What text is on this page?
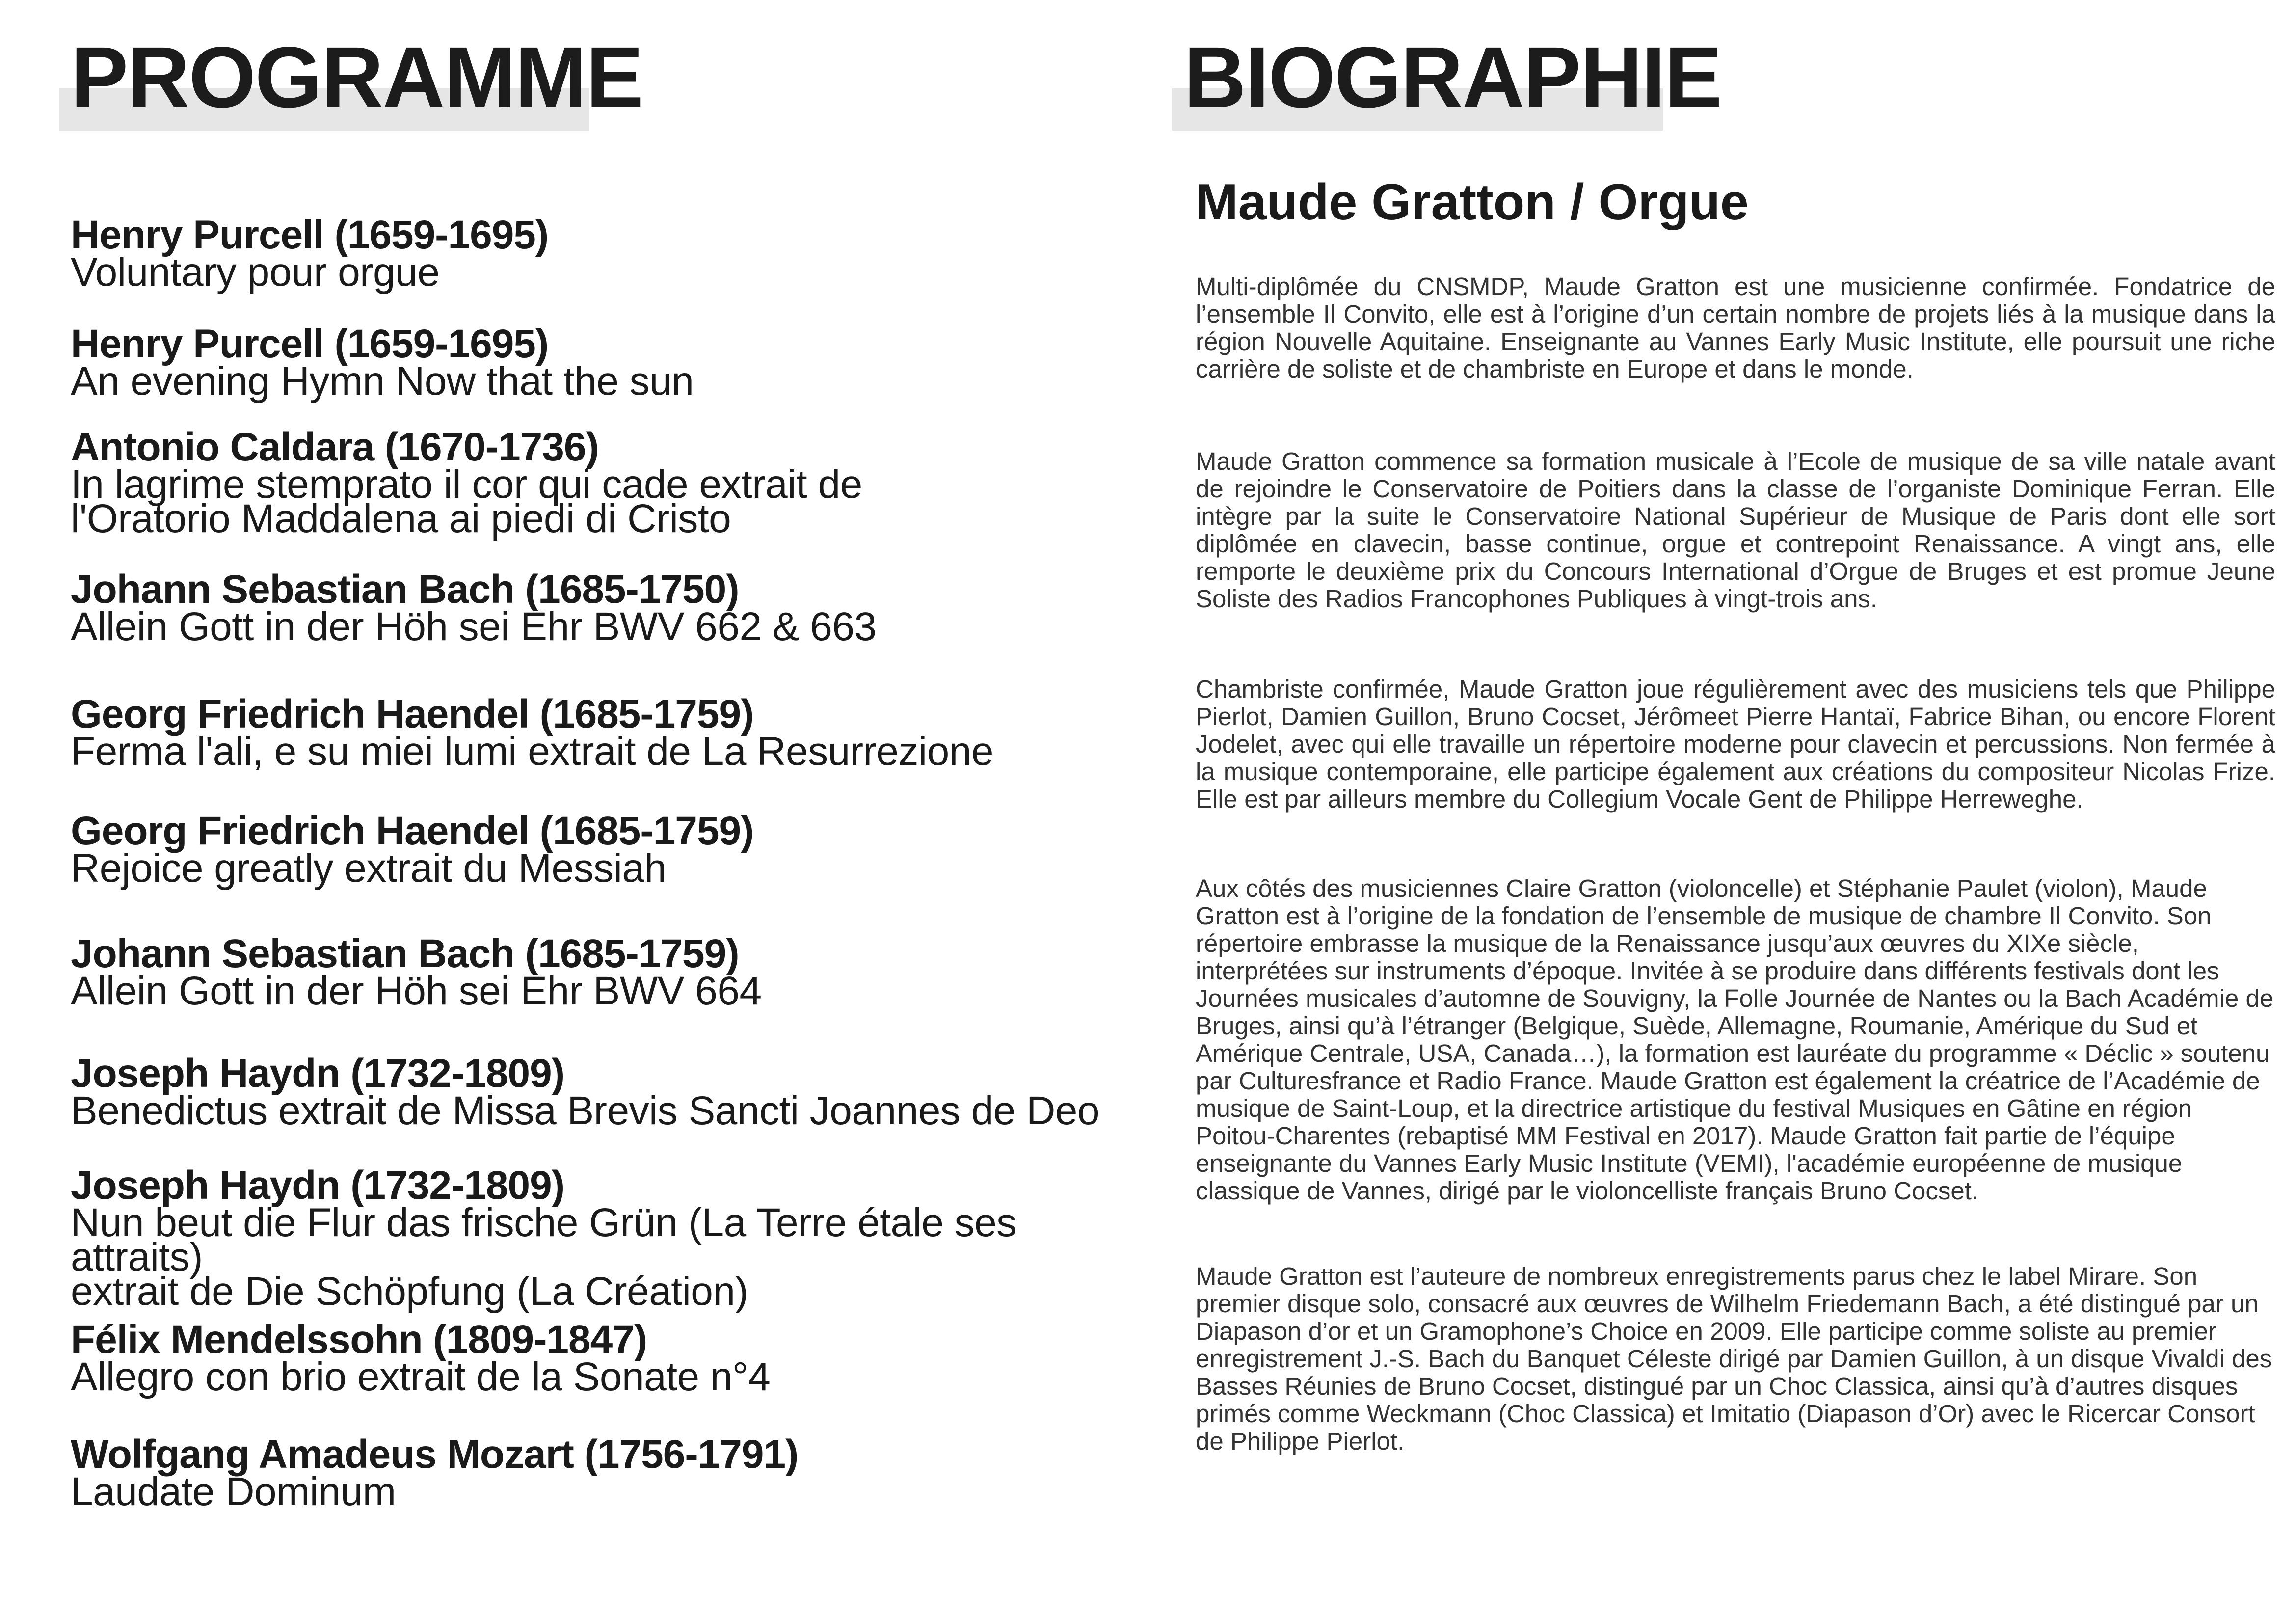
PROGRAMME
Henry Purcell (1659-1695)
Voluntary pour orgue
Henry Purcell (1659-1695)
An evening Hymn Now that the sun
Antonio Caldara (1670-1736)
In lagrime stemprato il cor qui cade extrait de
l'Oratorio Maddalena ai piedi di Cristo
Johann Sebastian Bach (1685-1750)
Allein Gott in der Höh sei Ehr BWV 662 & 663
Georg Friedrich Haendel (1685-1759)
Ferma l'ali, e su miei lumi extrait de La Resurrezione
Georg Friedrich Haendel (1685-1759)
Rejoice greatly extrait du Messiah
Johann Sebastian Bach (1685-1759)
Allein Gott in der Höh sei Ehr BWV 664
Joseph Haydn (1732-1809)
Benedictus extrait de Missa Brevis Sancti Joannes de Deo
Joseph Haydn (1732-1809)
Nun beut die Flur das frische Grün (La Terre étale ses attraits)
extrait de Die Schöpfung (La Création)
Félix Mendelssohn (1809-1847)
Allegro con brio extrait de la Sonate n°4
Wolfgang Amadeus Mozart (1756-1791)
Laudate Dominum
BIOGRAPHIE
Maude Gratton / Orgue

Multi-diplômée du CNSMDP, Maude Gratton est une musicienne confirmée. Fondatrice de l’ensemble Il Convito, elle est à l’origine d’un certain nombre de projets liés à la musique dans la région Nouvelle Aquitaine. Enseignante au Vannes Early Music Institute, elle poursuit une riche carrière de soliste et de chambriste en Europe et dans le monde.

Maude Gratton commence sa formation musicale à l’Ecole de musique de sa ville natale avant de rejoindre le Conservatoire de Poitiers dans la classe de l’organiste Dominique Ferran. Elle intègre par la suite le Conservatoire National Supérieur de Musique de Paris dont elle sort diplômée en clavecin, basse continue, orgue et contrepoint Renaissance. A vingt ans, elle remporte le deuxième prix du Concours International d’Orgue de Bruges et est promue Jeune Soliste des Radios Francophones Publiques à vingt-trois ans.

Chambriste confirmée, Maude Gratton joue régulièrement avec des musiciens tels que Philippe Pierlot, Damien Guillon, Bruno Cocset, Jérômeet Pierre Hantaï, Fabrice Bihan, ou encore Florent Jodelet, avec qui elle travaille un répertoire moderne pour clavecin et percussions. Non fermée à la musique contemporaine, elle participe également aux créations du compositeur Nicolas Frize. Elle est par ailleurs membre du Collegium Vocale Gent de Philippe Herreweghe.

Aux côtés des musiciennes Claire Gratton (violoncelle) et Stéphanie Paulet (violon), Maude Gratton est à l’origine de la fondation de l’ensemble de musique de chambre Il Convito. Son répertoire embrasse la musique de la Renaissance jusqu’aux œuvres du XIXe siècle, interprétées sur instruments d’époque. Invitée à se produire dans différents festivals dont les Journées musicales d’automne de Souvigny, la Folle Journée de Nantes ou la Bach Académie de Bruges, ainsi qu’à l’étranger (Belgique, Suède, Allemagne, Roumanie, Amérique du Sud et Amérique Centrale, USA, Canada…), la formation est lauréate du programme « Déclic » soutenu par Culturesfrance et Radio France. Maude Gratton est également la créatrice de l’Académie de musique de Saint-Loup, et la directrice artistique du festival Musiques en Gâtine en région Poitou-Charentes (rebaptisé MM Festival en 2017). Maude Gratton fait partie de l’équipe enseignante du Vannes Early Music Institute (VEMI), l'académie européenne de musique classique de Vannes, dirigé par le violoncelliste français Bruno Cocset.

Maude Gratton est l’auteure de nombreux enregistrements parus chez le label Mirare. Son premier disque solo, consacré aux œuvres de Wilhelm Friedemann Bach, a été distingué par un Diapason d’or et un Gramophone’s Choice en 2009. Elle participe comme soliste au premier enregistrement J.-S. Bach du Banquet Céleste dirigé par Damien Guillon, à un disque Vivaldi des Basses Réunies de Bruno Cocset, distingué par un Choc Classica, ainsi qu’à d’autres disques primés comme Weckmann (Choc Classica) et Imitatio (Diapason d’Or) avec le Ricercar Consort de Philippe Pierlot.
